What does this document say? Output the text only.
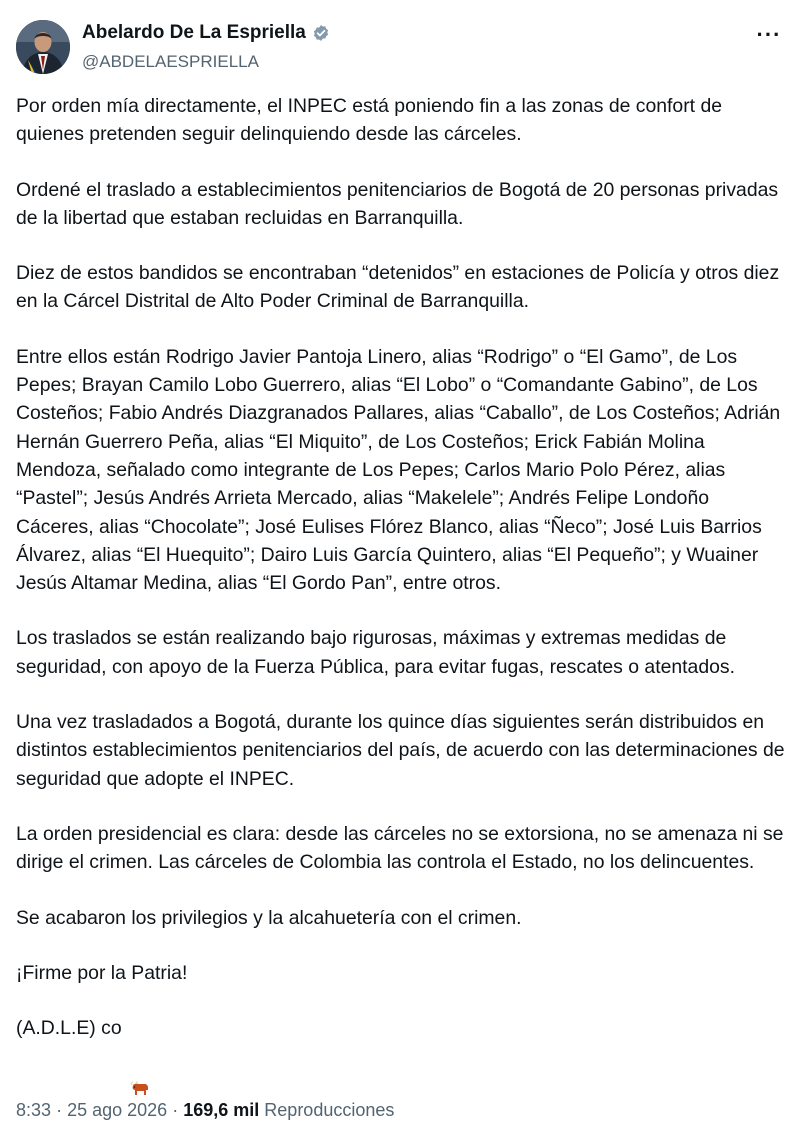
Abelardo De La Espriella
@ABDELAESPRIELLA
···

Por orden mía directamente, el INPEC está poniendo fin a las zonas de confort de quienes pretenden seguir delinquiendo desde las cárceles.

Ordené el traslado a establecimientos penitenciarios de Bogotá de 20 personas privadas de la libertad que estaban recluidas en Barranquilla.

Diez de estos bandidos se encontraban “detenidos” en estaciones de Policía y otros diez en la Cárcel Distrital de Alto Poder Criminal de Barranquilla.

Entre ellos están Rodrigo Javier Pantoja Linero, alias “Rodrigo” o “El Gamo”, de Los Pepes; Brayan Camilo Lobo Guerrero, alias “El Lobo” o “Comandante Gabino”, de Los Costeños; Fabio Andrés Diazgranados Pallares, alias “Caballo”, de Los Costeños; Adrián Hernán Guerrero Peña, alias “El Miquito”, de Los Costeños; Erick Fabián Molina Mendoza, señalado como integrante de Los Pepes; Carlos Mario Polo Pérez, alias “Pastel”; Jesús Andrés Arrieta Mercado, alias “Makelele”; Andrés Felipe Londoño Cáceres, alias “Chocolate”; José Eulises Flórez Blanco, alias “Ñeco”; José Luis Barrios Álvarez, alias “El Huequito”; Dairo Luis García Quintero, alias “El Pequeño”; y Wuainer Jesús Altamar Medina, alias “El Gordo Pan”, entre otros.

Los traslados se están realizando bajo rigurosas, máximas y extremas medidas de seguridad, con apoyo de la Fuerza Pública, para evitar fugas, rescates o atentados.

Una vez trasladados a Bogotá, durante los quince días siguientes serán distribuidos en distintos establecimientos penitenciarios del país, de acuerdo con las determinaciones de seguridad que adopte el INPEC.

La orden presidencial es clara: desde las cárceles no se extorsiona, no se amenaza ni se dirige el crimen. Las cárceles de Colombia las controla el Estado, no los delincuentes.

Se acabaron los privilegios y la alcahuetería con el crimen.

¡Firme por la Patria!

(A.D.L.E) co

8:33 · 25 ago 2026 · 169,6 mil Reproducciones
